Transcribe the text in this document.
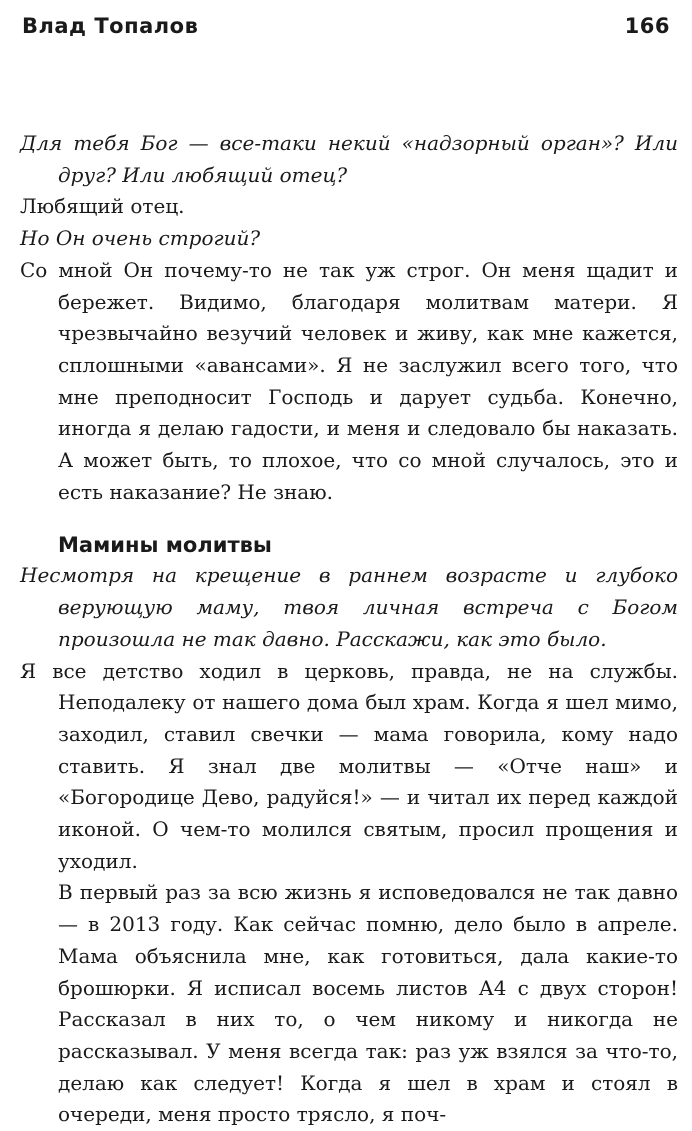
Влад Топалов	166

Для тебя Бог — все-таки некий «надзорный орган»? Или друг? Или любящий отец?

Любящий отец.

Но Он очень строгий?

Со мной Он почему-то не так уж строг. Он меня щадит и бережет. Видимо, благодаря молитвам матери. Я чрезвычайно везучий человек и живу, как мне кажется, сплошными «авансами». Я не заслужил всего того, что мне преподносит Господь и дарует судьба. Конечно, иногда я делаю гадости, и меня и следовало бы наказать. А может быть, то плохое, что со мной случалось, это и есть наказание? Не знаю.

Мамины молитвы

Несмотря на крещение в раннем возрасте и глубоко верующую маму, твоя личная встреча с Богом произошла не так давно. Расскажи, как это было.

Я все детство ходил в церковь, правда, не на службы. Неподалеку от нашего дома был храм. Когда я шел мимо, заходил, ставил свечки — мама говорила, кому надо ставить. Я знал две молитвы — «Отче наш» и «Богородице Дево, радуйся!» — и читал их перед каждой иконой. О чем-то молился святым, просил прощения и уходил.

В первый раз за всю жизнь я исповедовался не так давно — в 2013 году. Как сейчас помню, дело было в апреле. Мама объяснила мне, как готовиться, дала какие-то брошюрки. Я исписал восемь листов А4 с двух сторон! Рассказал в них то, о чем никому и никогда не рассказывал. У меня всегда так: раз уж взялся за что-то, делаю как следует! Когда я шел в храм и стоял в очереди, меня просто трясло, я поч-
